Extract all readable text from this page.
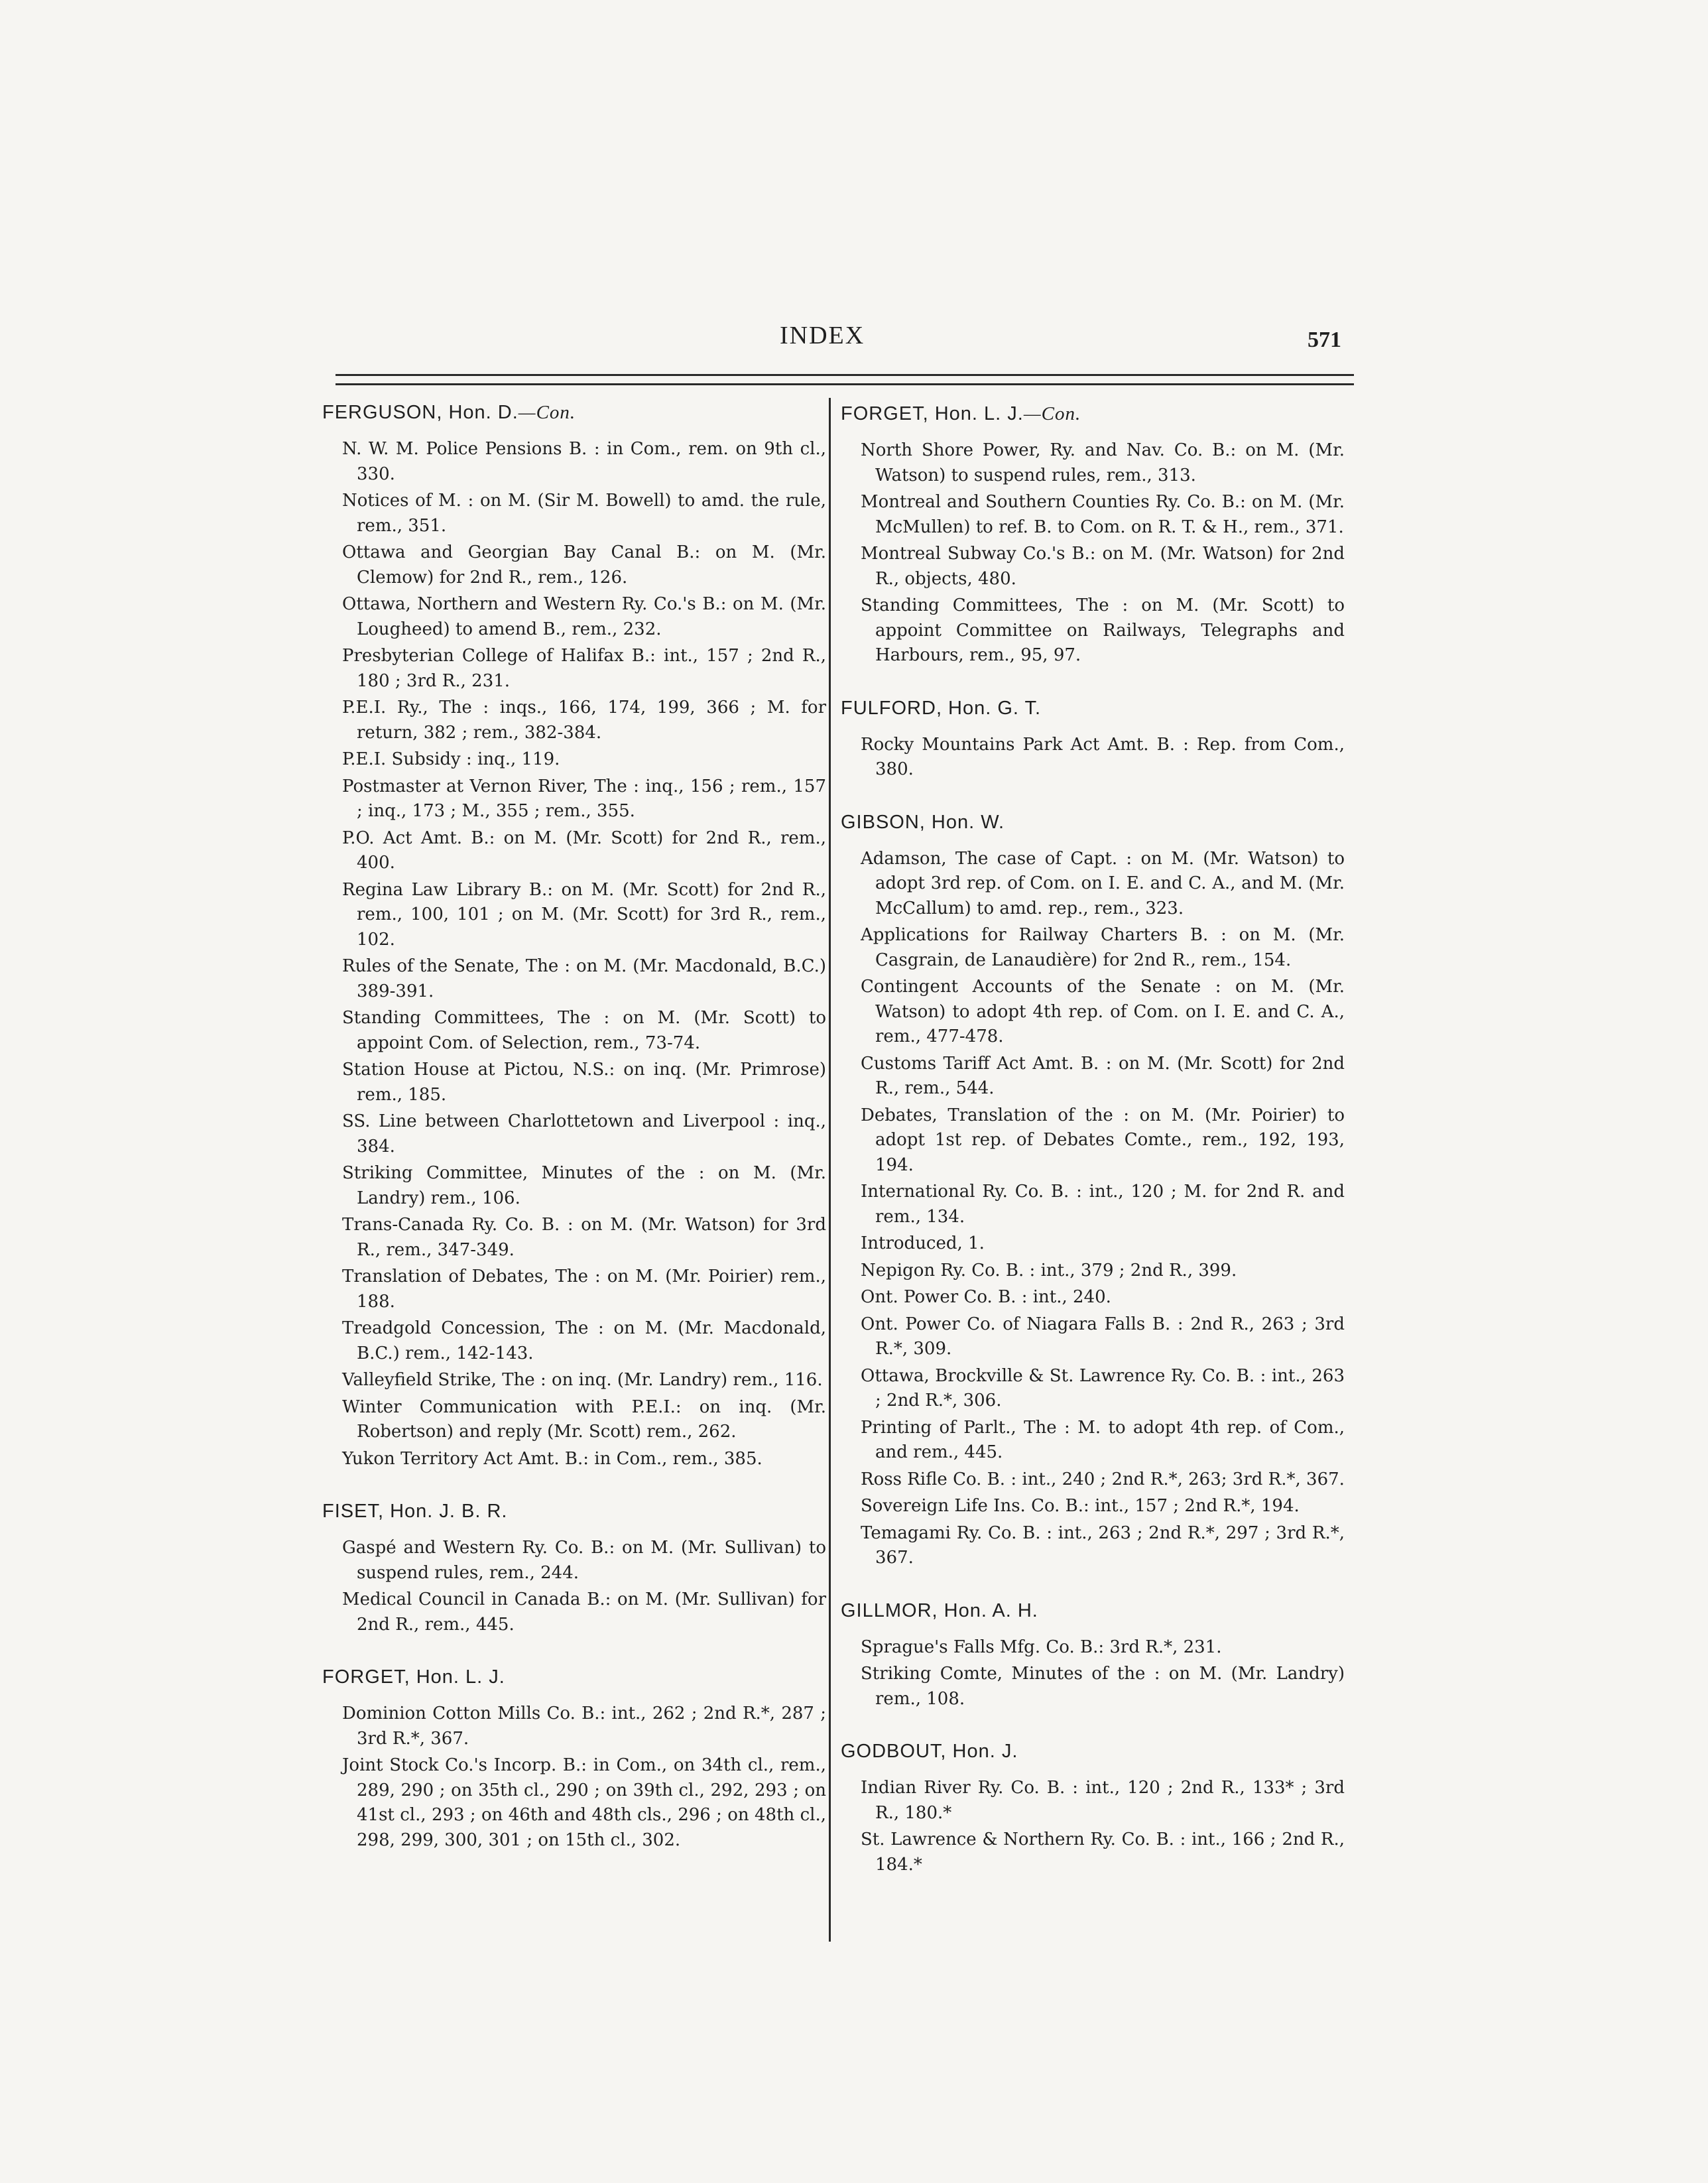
INDEX	571
FERGUSON, Hon. D.—Con.
N. W. M. Police Pensions B. : in Com., rem. on 9th cl., 330.
Notices of M. : on M. (Sir M. Bowell) to amd. the rule, rem., 351.
Ottawa and Georgian Bay Canal B.: on M. (Mr. Clemow) for 2nd R., rem., 126.
Ottawa, Northern and Western Ry. Co.'s B.: on M. (Mr. Lougheed) to amend B., rem., 232.
Presbyterian College of Halifax B.: int., 157 ; 2nd R., 180 ; 3rd R., 231.
P.E.I. Ry., The : inqs., 166, 174, 199, 366 ; M. for return, 382 ; rem., 382-384.
P.E.I. Subsidy : inq., 119.
Postmaster at Vernon River, The : inq., 156 ; rem., 157 ; inq., 173 ; M., 355 ; rem., 355.
P.O. Act Amt. B.: on M. (Mr. Scott) for 2nd R., rem., 400.
Regina Law Library B.: on M. (Mr. Scott) for 2nd R., rem., 100, 101 ; on M. (Mr. Scott) for 3rd R., rem., 102.
Rules of the Senate, The : on M. (Mr. Macdonald, B.C.) 389-391.
Standing Committees, The : on M. (Mr. Scott) to appoint Com. of Selection, rem., 73-74.
Station House at Pictou, N.S.: on inq. (Mr. Primrose) rem., 185.
SS. Line between Charlottetown and Liverpool : inq., 384.
Striking Committee, Minutes of the : on M. (Mr. Landry) rem., 106.
Trans-Canada Ry. Co. B. : on M. (Mr. Watson) for 3rd R., rem., 347-349.
Translation of Debates, The : on M. (Mr. Poirier) rem., 188.
Treadgold Concession, The : on M. (Mr. Macdonald, B.C.) rem., 142-143.
Valleyfield Strike, The : on inq. (Mr. Landry) rem., 116.
Winter Communication with P.E.I.: on inq. (Mr. Robertson) and reply (Mr. Scott) rem., 262.
Yukon Territory Act Amt. B.: in Com., rem., 385.
FISET, Hon. J. B. R.
Gaspé and Western Ry. Co. B.: on M. (Mr. Sullivan) to suspend rules, rem., 244.
Medical Council in Canada B.: on M. (Mr. Sullivan) for 2nd R., rem., 445.
FORGET, Hon. L. J.
Dominion Cotton Mills Co. B.: int., 262 ; 2nd R.*, 287 ; 3rd R.*, 367.
Joint Stock Co.'s Incorp. B.: in Com., on 34th cl., rem., 289, 290 ; on 35th cl., 290 ; on 39th cl., 292, 293 ; on 41st cl., 293 ; on 46th and 48th cls., 296 ; on 48th cl., 298, 299, 300, 301 ; on 15th cl., 302.
FORGET, Hon. L. J.—Con.
North Shore Power, Ry. and Nav. Co. B.: on M. (Mr. Watson) to suspend rules, rem., 313.
Montreal and Southern Counties Ry. Co. B.: on M. (Mr. McMullen) to ref. B. to Com. on R. T. & H., rem., 371.
Montreal Subway Co.'s B.: on M. (Mr. Watson) for 2nd R., objects, 480.
Standing Committees, The : on M. (Mr. Scott) to appoint Committee on Railways, Telegraphs and Harbours, rem., 95, 97.
FULFORD, Hon. G. T.
Rocky Mountains Park Act Amt. B. : Rep. from Com., 380.
GIBSON, Hon. W.
Adamson, The case of Capt. : on M. (Mr. Watson) to adopt 3rd rep. of Com. on I. E. and C. A., and M. (Mr. McCallum) to amd. rep., rem., 323.
Applications for Railway Charters B. : on M. (Mr. Casgrain, de Lanaudière) for 2nd R., rem., 154.
Contingent Accounts of the Senate : on M. (Mr. Watson) to adopt 4th rep. of Com. on I. E. and C. A., rem., 477-478.
Customs Tariff Act Amt. B. : on M. (Mr. Scott) for 2nd R., rem., 544.
Debates, Translation of the : on M. (Mr. Poirier) to adopt 1st rep. of Debates Comte., rem., 192, 193, 194.
International Ry. Co. B. : int., 120 ; M. for 2nd R. and rem., 134.
Introduced, 1.
Nepigon Ry. Co. B. : int., 379 ; 2nd R., 399.
Ont. Power Co. B. : int., 240.
Ont. Power Co. of Niagara Falls B. : 2nd R., 263 ; 3rd R.*, 309.
Ottawa, Brockville & St. Lawrence Ry. Co. B. : int., 263 ; 2nd R.*, 306.
Printing of Parlt., The : M. to adopt 4th rep. of Com., and rem., 445.
Ross Rifle Co. B. : int., 240 ; 2nd R.*, 263; 3rd R.*, 367.
Sovereign Life Ins. Co. B.: int., 157 ; 2nd R.*, 194.
Temagami Ry. Co. B. : int., 263 ; 2nd R.*, 297 ; 3rd R.*, 367.
GILLMOR, Hon. A. H.
Sprague's Falls Mfg. Co. B.: 3rd R.*, 231.
Striking Comte, Minutes of the : on M. (Mr. Landry) rem., 108.
GODBOUT, Hon. J.
Indian River Ry. Co. B. : int., 120 ; 2nd R., 133* ; 3rd R., 180.*
St. Lawrence & Northern Ry. Co. B. : int., 166 ; 2nd R., 184.*
